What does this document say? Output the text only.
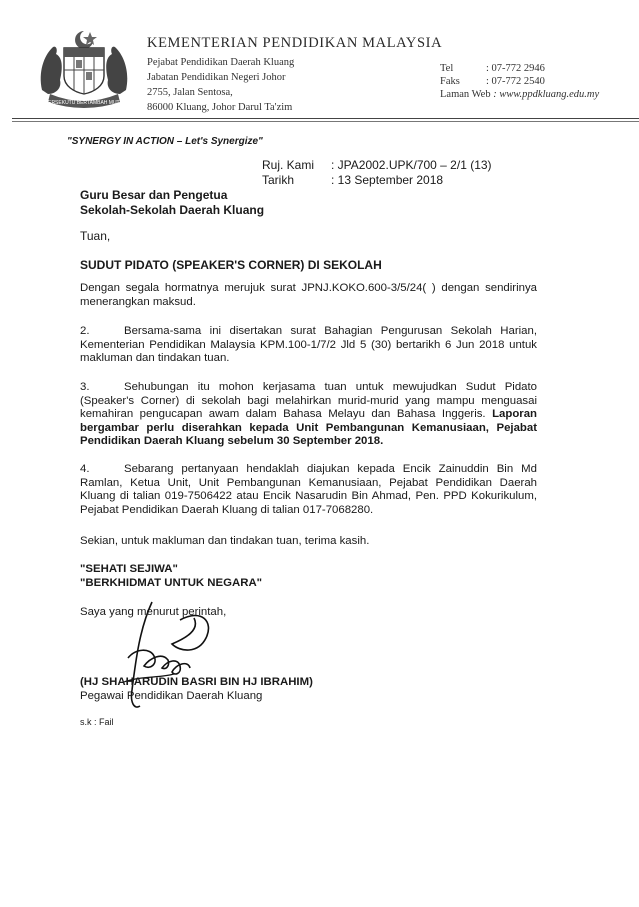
BERSEKUTU BERTAMBAH MUTU
KEMENTERIAN PENDIDIKAN MALAYSIA
Pejabat Pendidikan Daerah Kluang
Jabatan Pendidikan Negeri Johor
2755, Jalan Sentosa,
86000 Kluang, Johor Darul Ta'zim
Tel	: 07-772 2946
Faks : 07-772 2540
Laman Web : www.ppdkluang.edu.my
"SYNERGY IN ACTION – Let's Synergize"
Ruj. Kami : JPA2002.UPK/700 – 2/1 (13)
Tarikh	: 13 September 2018
Guru Besar dan Pengetua
Sekolah-Sekolah Daerah Kluang
Tuan,
SUDUT PIDATO (SPEAKER'S CORNER) DI SEKOLAH
Dengan segala hormatnya merujuk surat JPNJ.KOKO.600-3/5/24( ) dengan sendirinya menerangkan maksud.
2.	Bersama-sama ini disertakan surat Bahagian Pengurusan Sekolah Harian, Kementerian Pendidikan Malaysia KPM.100-1/7/2 Jld 5 (30) bertarikh 6 Jun 2018 untuk makluman dan tindakan tuan.
3.	Sehubungan itu mohon kerjasama tuan untuk mewujudkan Sudut Pidato (Speaker's Corner) di sekolah bagi melahirkan murid-murid yang mampu menguasai kemahiran pengucapan awam dalam Bahasa Melayu dan Bahasa Inggeris. Laporan bergambar perlu diserahkan kepada Unit Pembangunan Kemanusiaan, Pejabat Pendidikan Daerah Kluang sebelum 30 September 2018.
4.	Sebarang pertanyaan hendaklah diajukan kepada Encik Zainuddin Bin Md Ramlan, Ketua Unit, Unit Pembangunan Kemanusiaan, Pejabat Pendidikan Daerah Kluang di talian 019-7506422 atau Encik Nasarudin Bin Ahmad, Pen. PPD Kokurikulum, Pejabat Pendidikan Daerah Kluang di talian 017-7068280.
Sekian, untuk makluman dan tindakan tuan, terima kasih.
"SEHATI SEJIWA"
"BERKHIDMAT UNTUK NEGARA"
Saya yang menurut perintah,
(HJ SHAHARUDIN BASRI BIN HJ IBRAHIM)
Pegawai Pendidikan Daerah Kluang
s.k : Fail
